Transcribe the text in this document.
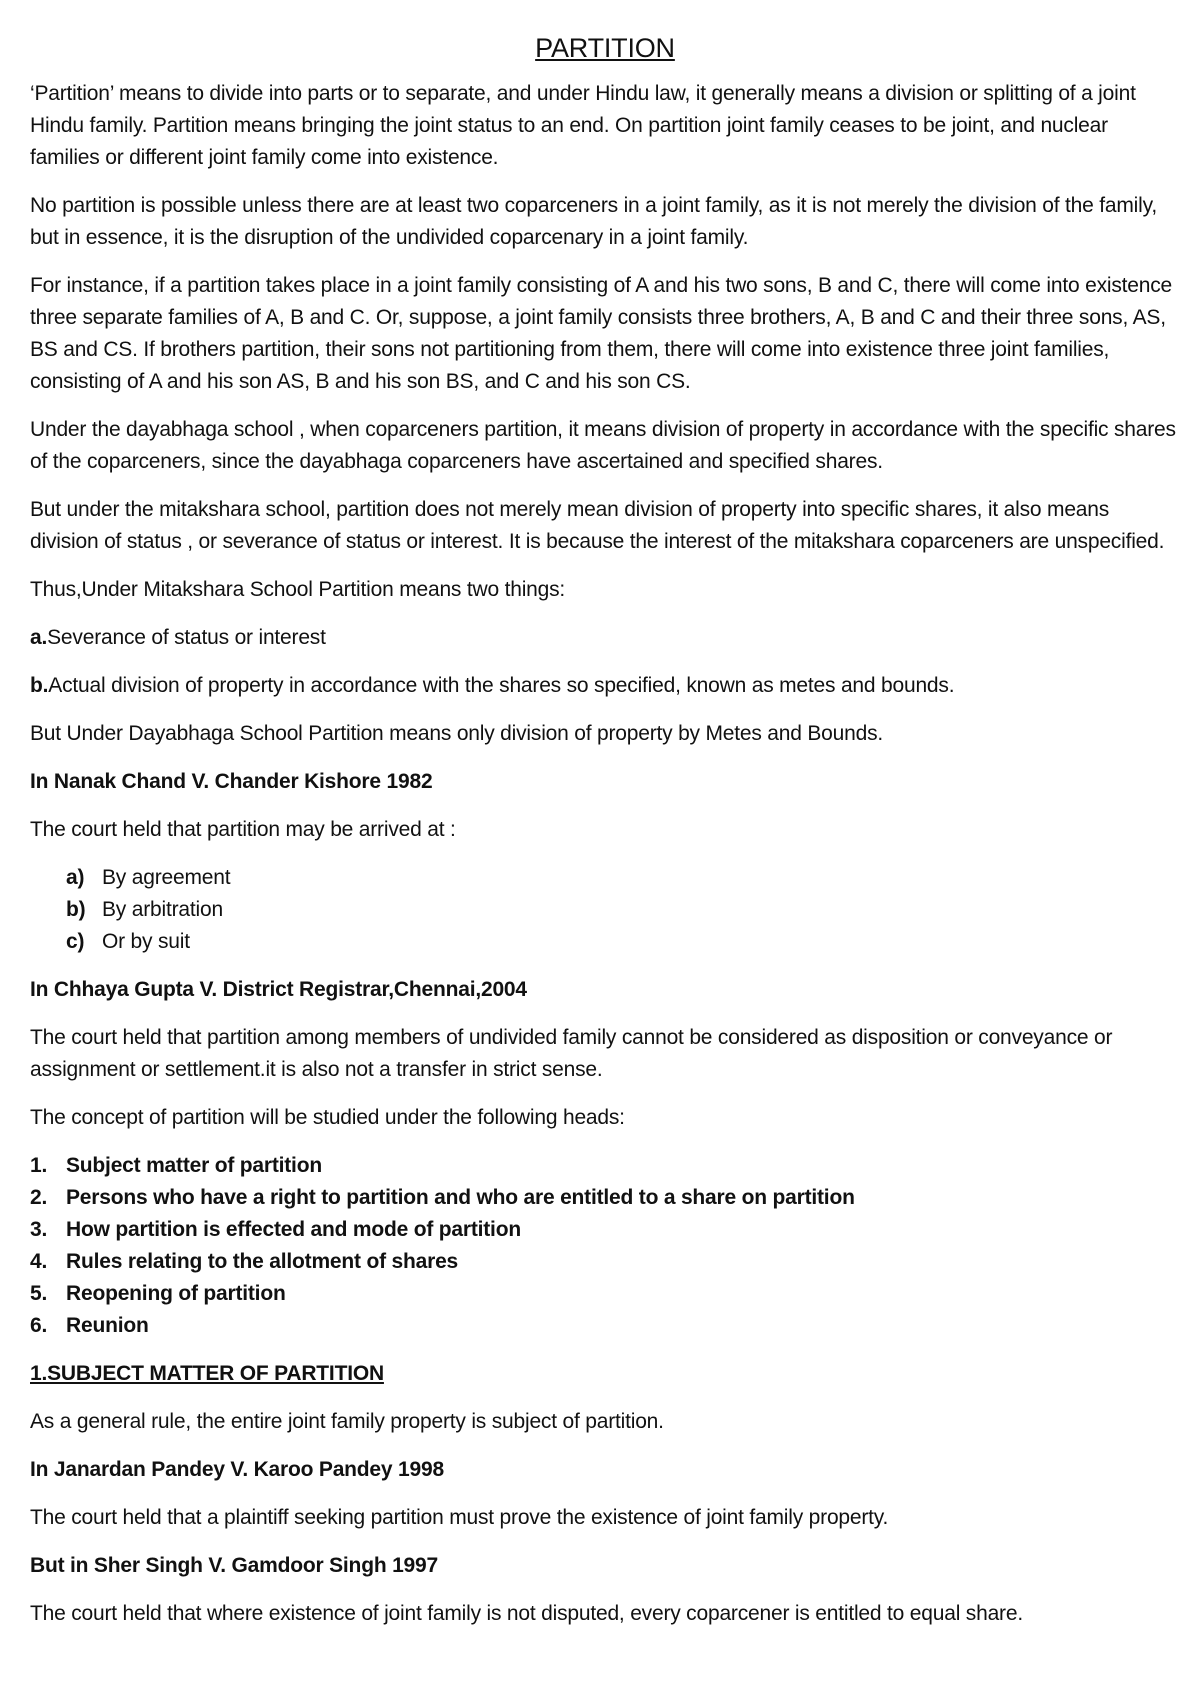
PARTITION

‘Partition’ means to divide into parts or to separate, and under Hindu law, it generally means a division or splitting of a joint Hindu family. Partition means bringing the joint status to an end. On partition joint family ceases to be joint, and nuclear families or different joint family come into existence.

No partition is possible unless there are at least two coparceners in a joint family, as it is not merely the division of the family, but in essence, it is the disruption of the undivided coparcenary in a joint family.

For instance, if a partition takes place in a joint family consisting of A and his two sons, B and C, there will come into existence three separate families of A, B and C. Or, suppose, a joint family consists three brothers, A, B and C and their three sons, AS, BS and CS. If brothers partition, their sons not partitioning from them, there will come into existence three joint families, consisting of A and his son AS, B and his son BS, and C and his son CS.

Under the dayabhaga school , when coparceners partition, it means division of property in accordance with the specific shares of the coparceners, since the dayabhaga coparceners have ascertained and specified shares.

But under the mitakshara school, partition does not merely mean division of property into specific shares, it also means division of status , or severance of status or interest. It is because the interest of the mitakshara coparceners are unspecified.

Thus,Under Mitakshara School Partition means two things:

a.Severance of status or interest

b.Actual division of property in accordance with the shares so specified, known as metes and bounds.

But Under Dayabhaga School Partition means only division of property by Metes and Bounds.

In Nanak Chand V. Chander Kishore 1982

The court held that partition may be arrived at :

a) By agreement
b) By arbitration
c) Or by suit

In Chhaya Gupta V. District Registrar,Chennai,2004

The court held that partition among members of undivided family cannot be considered as disposition or conveyance or assignment or settlement.it is also not a transfer in strict sense.

The concept of partition will be studied under the following heads:

1. Subject matter of partition
2. Persons who have a right to partition and who are entitled to a share on partition
3. How partition is effected and mode of partition
4. Rules relating to the allotment of shares
5. Reopening of partition
6. Reunion

1.SUBJECT MATTER OF PARTITION

As a general rule, the entire joint family property is subject of partition.

In Janardan Pandey V. Karoo Pandey 1998

The court held that a plaintiff seeking partition must prove the existence of joint family property.

But in Sher Singh V. Gamdoor Singh 1997

The court held that where existence of joint family is not disputed, every coparcener is entitled to equal share.
